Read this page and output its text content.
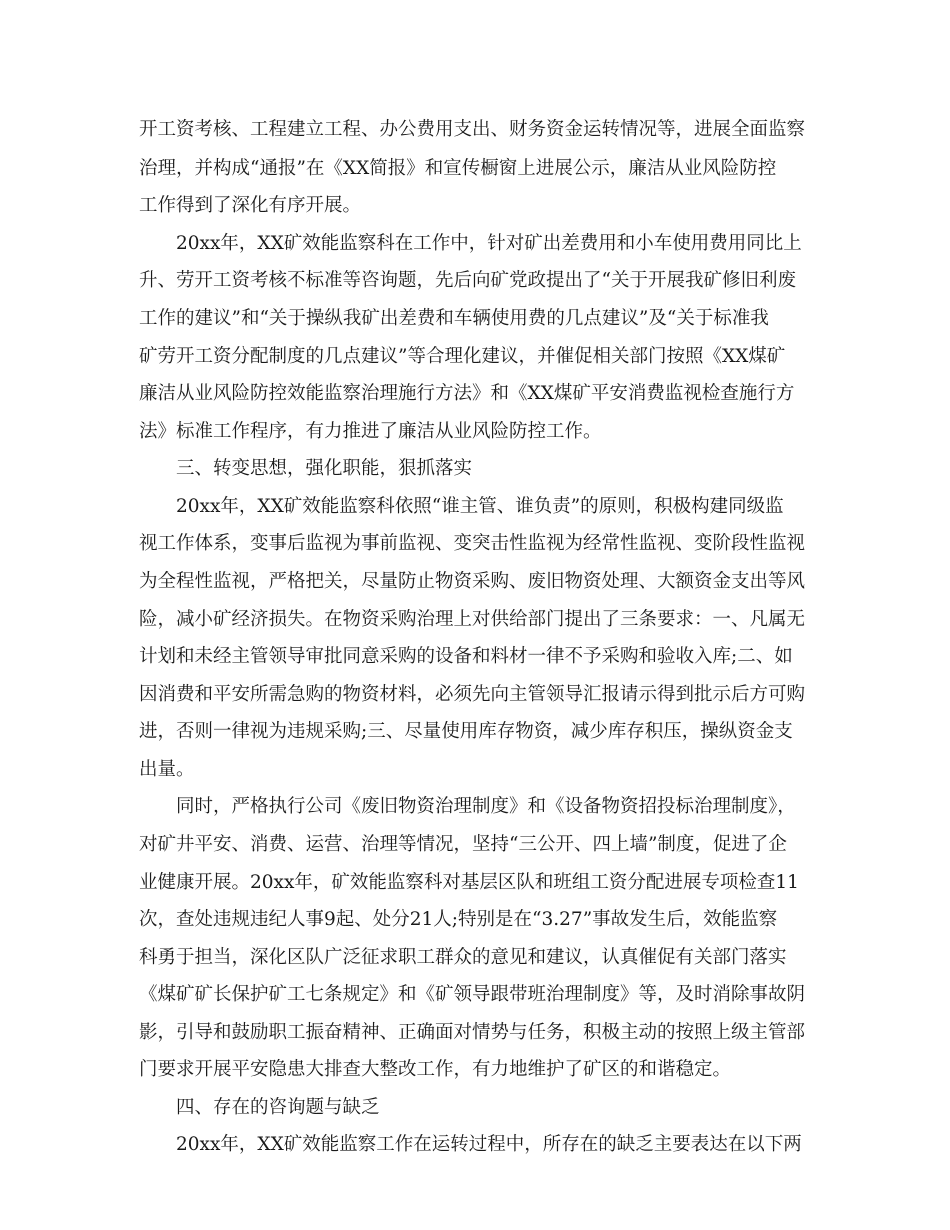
开工资考核、工程建立工程、办公费用支出、财务资金运转情况等，进展全面监察
治理，并构成“通报”在《XX简报》和宣传橱窗上进展公示，廉洁从业风险防控
工作得到了深化有序开展。
20xx年，XX矿效能监察科在工作中，针对矿出差费用和小车使用费用同比上
升、劳开工资考核不标准等咨询题，先后向矿党政提出了“关于开展我矿修旧利废
工作的建议”和“关于操纵我矿出差费和车辆使用费的几点建议”及“关于标准我
矿劳开工资分配制度的几点建议”等合理化建议，并催促相关部门按照《XX煤矿
廉洁从业风险防控效能监察治理施行方法》和《XX煤矿平安消费监视检查施行方
法》标准工作程序，有力推进了廉洁从业风险防控工作。
三、转变思想，强化职能，狠抓落实
20xx年，XX矿效能监察科依照“谁主管、谁负责”的原则，积极构建同级监
视工作体系，变事后监视为事前监视、变突击性监视为经常性监视、变阶段性监视
为全程性监视，严格把关，尽量防止物资采购、废旧物资处理、大额资金支出等风
险，减小矿经济损失。在物资采购治理上对供给部门提出了三条要求：一、凡属无
计划和未经主管领导审批同意采购的设备和料材一律不予采购和验收入库;二、如
因消费和平安所需急购的物资材料，必须先向主管领导汇报请示得到批示后方可购
进，否则一律视为违规采购;三、尽量使用库存物资，减少库存积压，操纵资金支
出量。
同时，严格执行公司《废旧物资治理制度》和《设备物资招投标治理制度》，
对矿井平安、消费、运营、治理等情况，坚持“三公开、四上墙”制度，促进了企
业健康开展。20xx年，矿效能监察科对基层区队和班组工资分配进展专项检查11
次，查处违规违纪人事9起、处分21人;特别是在“3.27”事故发生后，效能监察
科勇于担当，深化区队广泛征求职工群众的意见和建议，认真催促有关部门落实
《煤矿矿长保护矿工七条规定》和《矿领导跟带班治理制度》等，及时消除事故阴
影，引导和鼓励职工振奋精神、正确面对情势与任务，积极主动的按照上级主管部
门要求开展平安隐患大排查大整改工作，有力地维护了矿区的和谐稳定。
四、存在的咨询题与缺乏
20xx年，XX矿效能监察工作在运转过程中，所存在的缺乏主要表达在以下两
